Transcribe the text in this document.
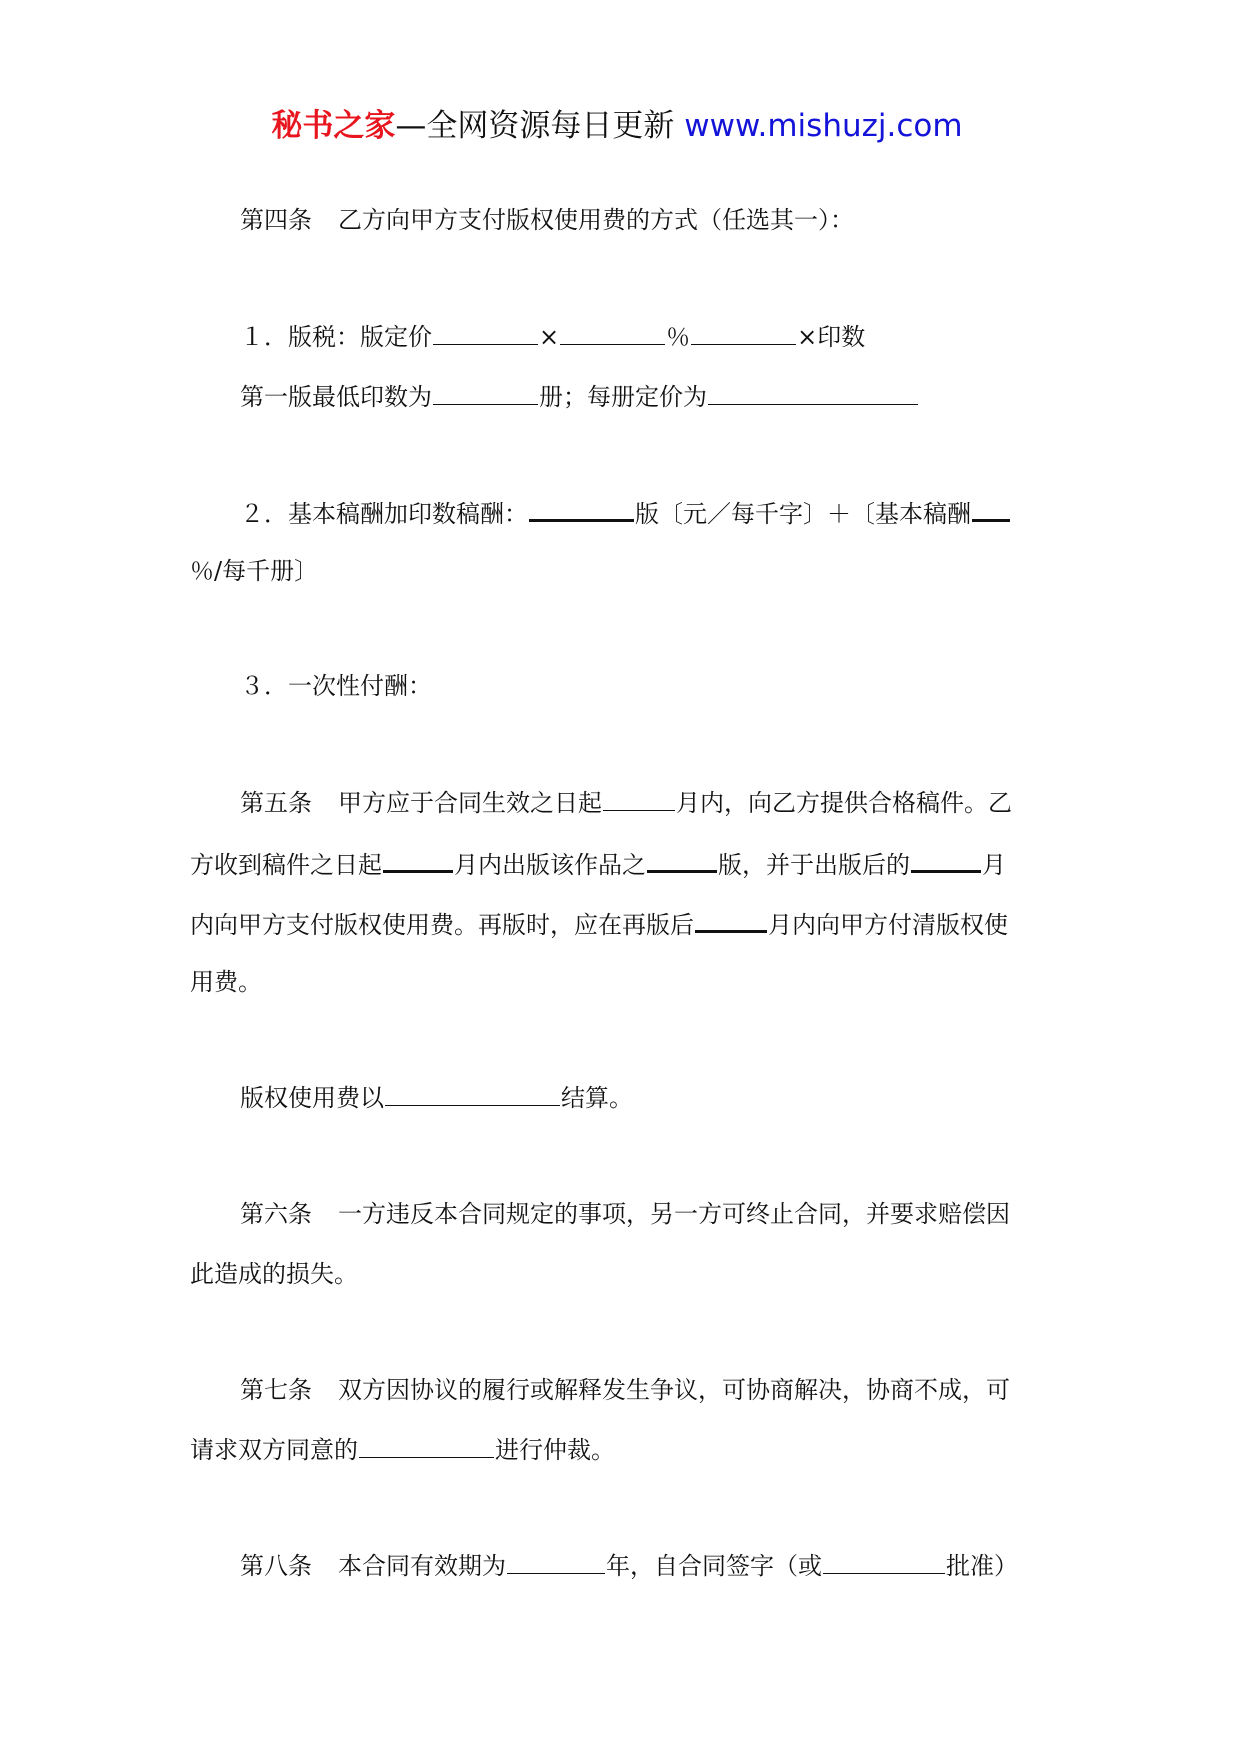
秘书之家—全网资源每日更新 www.mishuzj.com
第四条 乙方向甲方支付版权使用费的方式（任选其一）：
１．版税：版定价	×	％	×印数
第一版最低印数为	册；每册定价为
２．基本稿酬加印数稿酬：	版〔元／每千字〕＋〔基本稿酬
％/每千册〕
３．一次性付酬：
第五条 甲方应于合同生效之日起	月内，向乙方提供合格稿件。乙
方收到稿件之日起	月内出版该作品之	版，并于出版后的	月
内向甲方支付版权使用费。再版时，应在再版后	月内向甲方付清版权使
用费。
版权使用费以	结算。
第六条 一方违反本合同规定的事项，另一方可终止合同，并要求赔偿因
此造成的损失。
第七条 双方因协议的履行或解释发生争议，可协商解决，协商不成，可
请求双方同意的	进行仲裁。
第八条 本合同有效期为	年，自合同签字（或	批准）
